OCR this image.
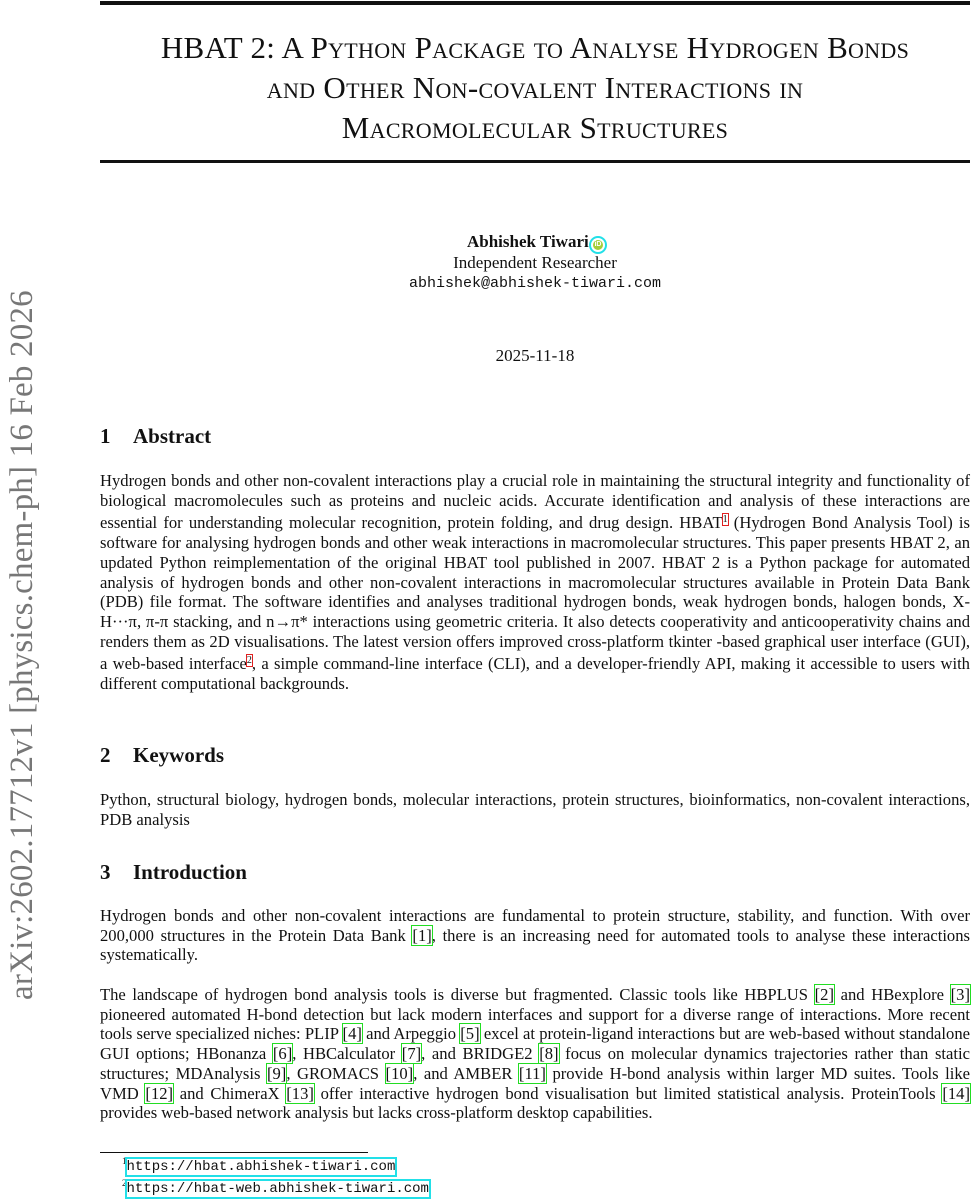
arXiv:2602.17712v1 [physics.chem-ph] 16 Feb 2026
HBAT 2: A Python Package to Analyse Hydrogen Bonds
and Other Non-covalent Interactions in
Macromolecular Structures
Abhishek Tiwari iD
Independent Researcher
abhishek@abhishek-tiwari.com
2025-11-18
1 Abstract
Hydrogen bonds and other non-covalent interactions play a crucial role in maintaining the structural integrity and functionality of biological macromolecules such as proteins and nucleic acids. Accurate identification and analysis of these interactions are essential for understanding molecular recognition, protein folding, and drug design. HBAT$^1$ (Hydrogen Bond Analysis Tool) is software for analysing hydrogen bonds and other weak interactions in macromolecular structures. This paper presents HBAT 2, an updated Python reimplementation of the original HBAT tool published in 2007. HBAT 2 is a Python package for automated analysis of hydrogen bonds and other non-covalent interactions in macromolecular structures available in Protein Data Bank (PDB) file format. The software identifies and analyses traditional hydrogen bonds, weak hydrogen bonds, halogen bonds, X-H···π, π-π stacking, and n→π* interactions using geometric criteria. It also detects cooperativity and anticooperativity chains and renders them as 2D visualisations. The latest version offers improved cross-platform tkinter -based graphical user interface (GUI), a web-based interface$^2$, a simple command-line interface (CLI), and a developer-friendly API, making it accessible to users with different computational backgrounds.
2 Keywords
Python, structural biology, hydrogen bonds, molecular interactions, protein structures, bioinformatics, non-covalent interactions, PDB analysis
3 Introduction
Hydrogen bonds and other non-covalent interactions are fundamental to protein structure, stability, and function. With over 200,000 structures in the Protein Data Bank [1], there is an increasing need for automated tools to analyse these interactions systematically.
The landscape of hydrogen bond analysis tools is diverse but fragmented. Classic tools like HBPLUS [2] and HBexplore [3] pioneered automated H-bond detection but lack modern interfaces and support for a diverse range of interactions. More recent tools serve specialized niches: PLIP [4] and Arpeggio [5] excel at protein-ligand interactions but are web-based without standalone GUI options; HBonanza [6], HBCalculator [7], and BRIDGE2 [8] focus on molecular dynamics trajectories rather than static structures; MDAnalysis [9], GROMACS [10], and AMBER [11] provide H-bond analysis within larger MD suites. Tools like VMD [12] and ChimeraX [13] offer interactive hydrogen bond visualisation but limited statistical analysis. ProteinTools [14] provides web-based network analysis but lacks cross-platform desktop capabilities.
$^1$https://hbat.abhishek-tiwari.com
$^2$https://hbat-web.abhishek-tiwari.com
